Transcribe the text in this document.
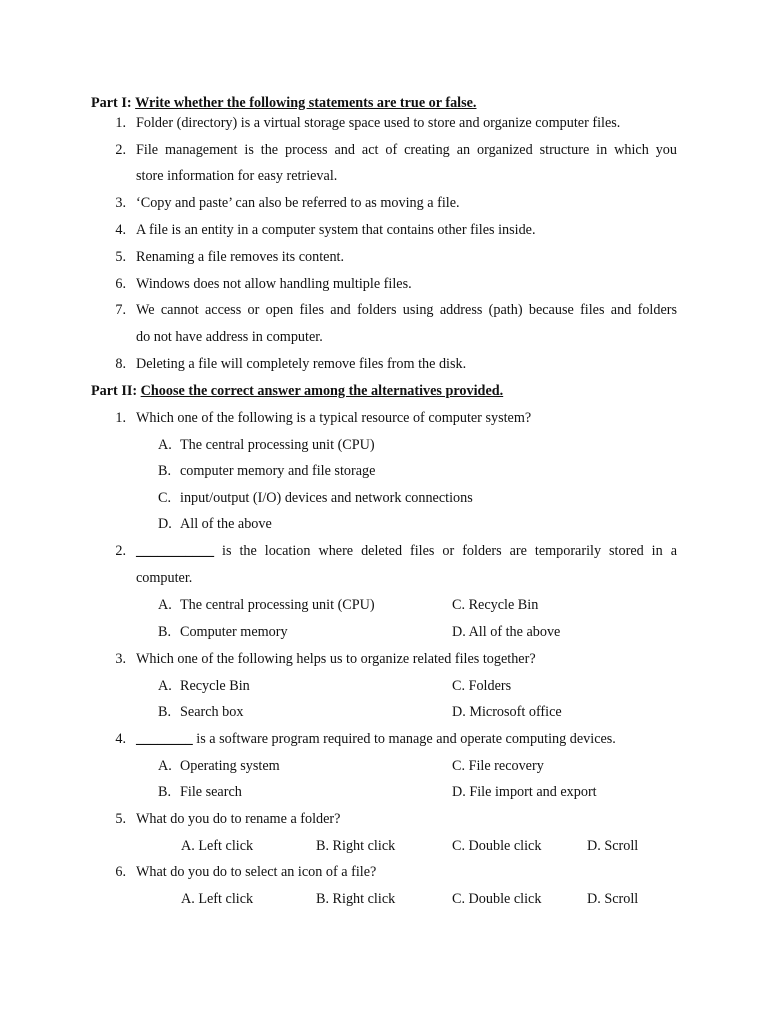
Part I: Write whether the following statements are true or false.
1. Folder (directory) is a virtual storage space used to store and organize computer files.
2. File management is the process and act of creating an organized structure in which you
store information for easy retrieval.
3. ‘Copy and paste’ can also be referred to as moving a file.
4. A file is an entity in a computer system that contains other files inside.
5. Renaming a file removes its content.
6. Windows does not allow handling multiple files.
7. We cannot access or open files and folders using address (path) because files and folders
do not have address in computer.
8. Deleting a file will completely remove files from the disk.
Part II: Choose the correct answer among the alternatives provided.
1. Which one of the following is a typical resource of computer system?
A. The central processing unit (CPU)
B. computer memory and file storage
C. input/output (I/O) devices and network connections
D. All of the above
2. ___________ is the location where deleted files or folders are temporarily stored in a
computer.
A. The central processing unit (CPU)	C. Recycle Bin
B. Computer memory	D. All of the above
3. Which one of the following helps us to organize related files together?
A. Recycle Bin	C. Folders
B. Search box	D. Microsoft office
4. ________ is a software program required to manage and operate computing devices.
A. Operating system	C. File recovery
B. File search	D. File import and export
5. What do you do to rename a folder?
A. Left click	B. Right click	C. Double click	D. Scroll
6. What do you do to select an icon of a file?
A. Left click	B. Right click	C. Double click	D. Scroll
